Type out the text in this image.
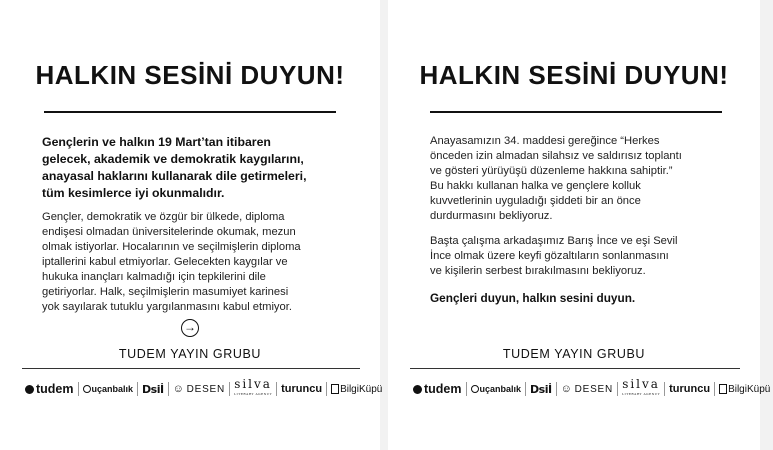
HALKIN SESİNİ DUYUN!

Gençlerin ve halkın 19 Mart’tan itibaren

gelecek, akademik ve demokratik kaygılarını,

anayasal haklarını kullanarak dile getirmeleri,

tüm kesimlerce iyi okunmalıdır.

Gençler, demokratik ve özgür bir ülkede, diploma

endişesi olmadan üniversitelerinde okumak, mezun

olmak istiyorlar. Hocalarının ve seçilmişlerin diploma

iptallerini kabul etmiyorlar. Gelecekten kaygılar ve

hukuka inançları kalmadığı için tepkilerini dile

getiriyorlar. Halk, seçilmişlerin masumiyet karinesi

yok sayılarak tutuklu yargılanmasını kabul etmiyor.

→

TUDEM YAYIN GRUBU

tudem uçanbalık Dsiİ ☺ DESEN silva
LITERARY AGENCY turuncu BilgiKüpü
HALKIN SESİNİ DUYUN!

Anayasamızın 34. maddesi gereğince “Herkes

önceden izin almadan silahsız ve saldırısız toplantı

ve gösteri yürüyüşü düzenleme hakkına sahiptir.”

Bu hakkı kullanan halka ve gençlere kolluk

kuvvetlerinin uyguladığı şiddeti bir an önce

durdurmasını bekliyoruz.

Başta çalışma arkadaşımız Barış İnce ve eşi Sevil

İnce olmak üzere keyfi gözaltıların sonlanmasını

ve kişilerin serbest bırakılmasını bekliyoruz.

Gençleri duyun, halkın sesini duyun.

TUDEM YAYIN GRUBU

tudem uçanbalık Dsiİ ☺ DESEN silva
LITERARY AGENCY turuncu BilgiKüpü
